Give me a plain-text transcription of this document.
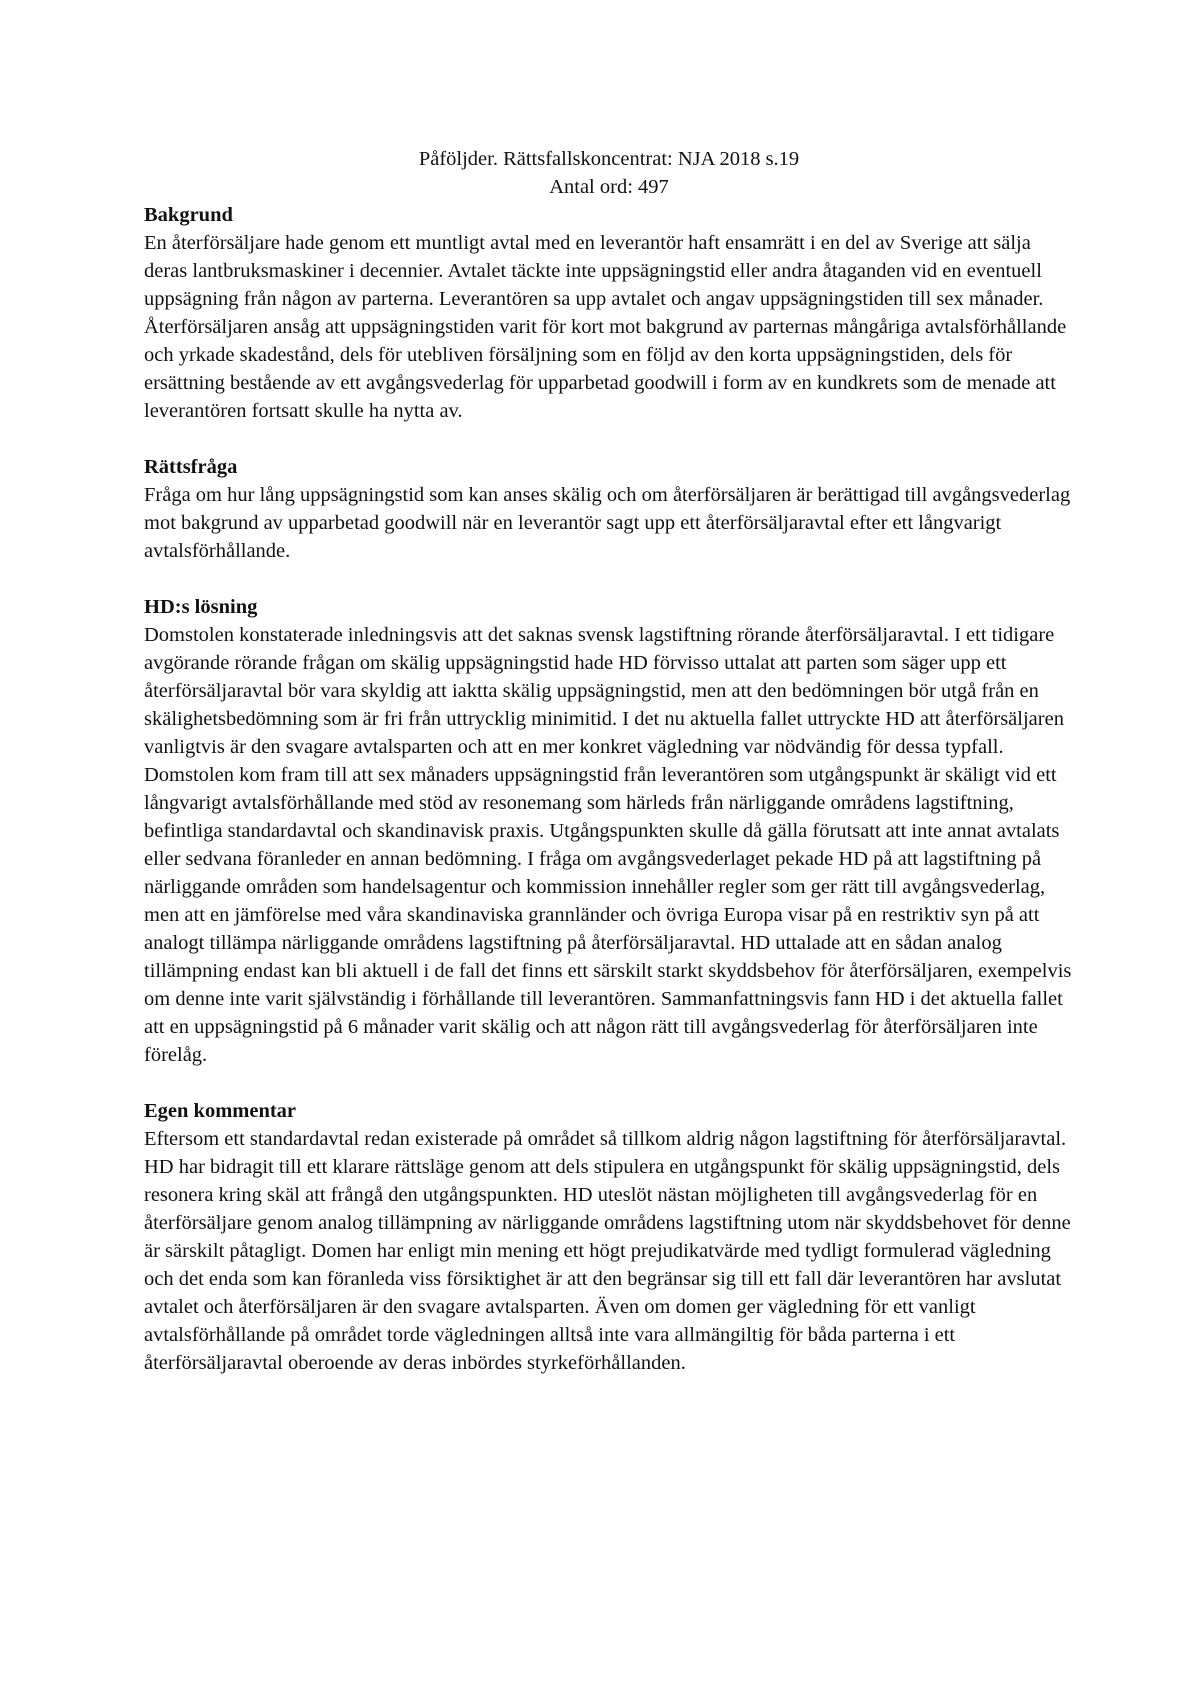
Påföljder. Rättsfallskoncentrat: NJA 2018 s.19
Antal ord: 497
Bakgrund
En återförsäljare hade genom ett muntligt avtal med en leverantör haft ensamrätt i en del av Sverige att sälja deras lantbruksmaskiner i decennier. Avtalet täckte inte uppsägningstid eller andra åtaganden vid en eventuell uppsägning från någon av parterna. Leverantören sa upp avtalet och angav uppsägningstiden till sex månader. Återförsäljaren ansåg att uppsägningstiden varit för kort mot bakgrund av parternas mångåriga avtalsförhållande och yrkade skadestånd, dels för utebliven försäljning som en följd av den korta uppsägningstiden, dels för ersättning bestående av ett avgångsvederlag för upparbetad goodwill i form av en kundkrets som de menade att leverantören fortsatt skulle ha nytta av.
Rättsfråga
Fråga om hur lång uppsägningstid som kan anses skälig och om återförsäljaren är berättigad till avgångsvederlag mot bakgrund av upparbetad goodwill när en leverantör sagt upp ett återförsäljaravtal efter ett långvarigt avtalsförhållande.
HD:s lösning
Domstolen konstaterade inledningsvis att det saknas svensk lagstiftning rörande återförsäljaravtal. I ett tidigare avgörande rörande frågan om skälig uppsägningstid hade HD förvisso uttalat att parten som säger upp ett återförsäljaravtal bör vara skyldig att iaktta skälig uppsägningstid, men att den bedömningen bör utgå från en skälighetsbedömning som är fri från uttrycklig minimitid. I det nu aktuella fallet uttryckte HD att återförsäljaren vanligtvis är den svagare avtalsparten och att en mer konkret vägledning var nödvändig för dessa typfall. Domstolen kom fram till att sex månaders uppsägningstid från leverantören som utgångspunkt är skäligt vid ett långvarigt avtalsförhållande med stöd av resonemang som härleds från närliggande områdens lagstiftning, befintliga standardavtal och skandinavisk praxis. Utgångspunkten skulle då gälla förutsatt att inte annat avtalats eller sedvana föranleder en annan bedömning. I fråga om avgångsvederlaget pekade HD på att lagstiftning på närliggande områden som handelsagentur och kommission innehåller regler som ger rätt till avgångsvederlag, men att en jämförelse med våra skandinaviska grannländer och övriga Europa visar på en restriktiv syn på att analogt tillämpa närliggande områdens lagstiftning på återförsäljaravtal. HD uttalade att en sådan analog tillämpning endast kan bli aktuell i de fall det finns ett särskilt starkt skyddsbehov för återförsäljaren, exempelvis om denne inte varit självständig i förhållande till leverantören. Sammanfattningsvis fann HD i det aktuella fallet att en uppsägningstid på 6 månader varit skälig och att någon rätt till avgångsvederlag för återförsäljaren inte förelåg.
Egen kommentar
Eftersom ett standardavtal redan existerade på området så tillkom aldrig någon lagstiftning för återförsäljaravtal. HD har bidragit till ett klarare rättsläge genom att dels stipulera en utgångspunkt för skälig uppsägningstid, dels resonera kring skäl att frångå den utgångspunkten. HD uteslöt nästan möjligheten till avgångsvederlag för en återförsäljare genom analog tillämpning av närliggande områdens lagstiftning utom när skyddsbehovet för denne är särskilt påtagligt. Domen har enligt min mening ett högt prejudikatvärde med tydligt formulerad vägledning och det enda som kan föranleda viss försiktighet är att den begränsar sig till ett fall där leverantören har avslutat avtalet och återförsäljaren är den svagare avtalsparten. Även om domen ger vägledning för ett vanligt avtalsförhållande på området torde vägledningen alltså inte vara allmängiltig för båda parterna i ett återförsäljaravtal oberoende av deras inbördes styrkeförhållanden.
